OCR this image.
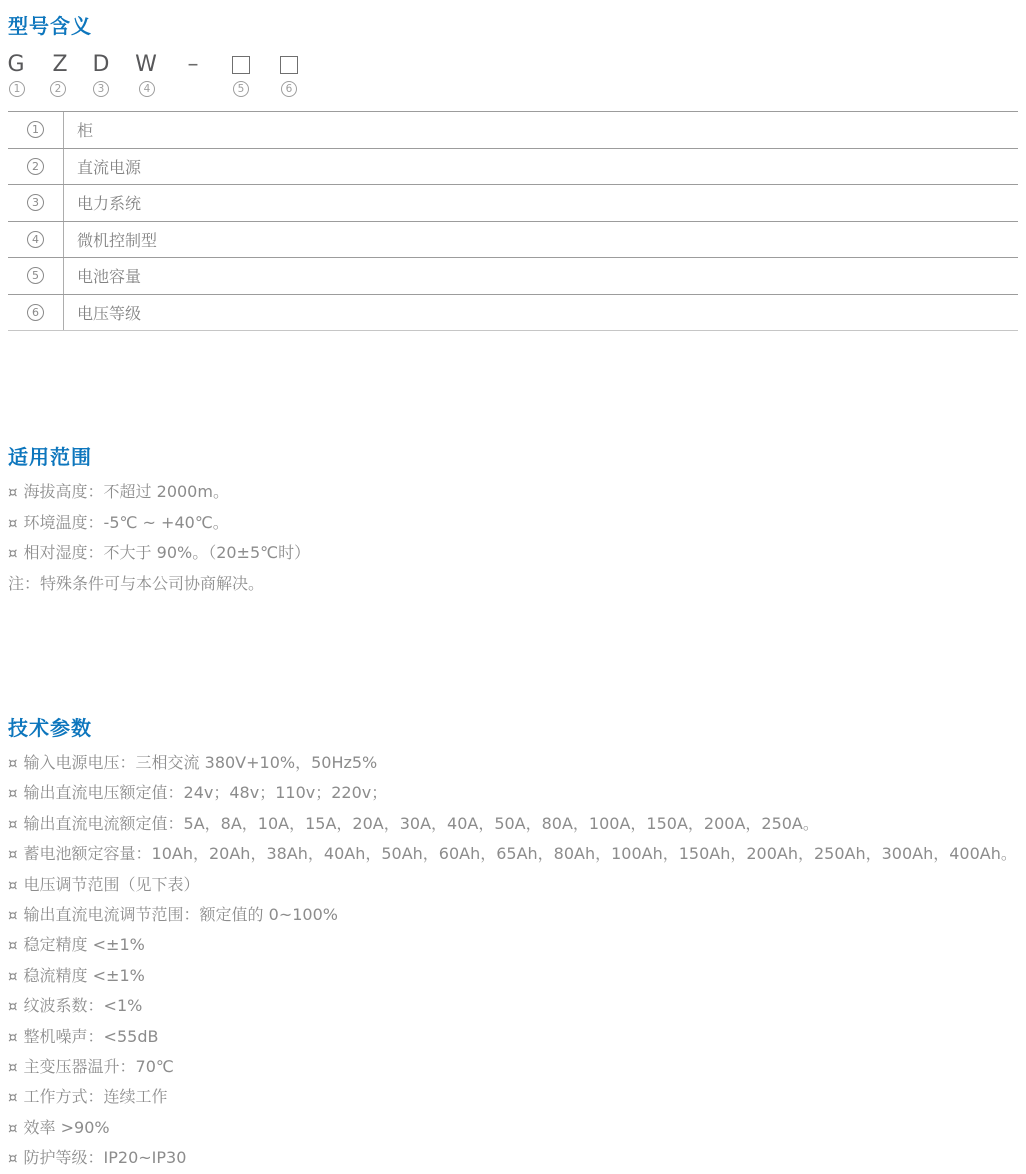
型号含义
G Z D W –
1	2	3	4	5	6
1	柜
2	直流电源
3	电力系统
4	微机控制型
5	电池容量
6	电压等级
适用范围
¤ 海拔高度：不超过 2000m。
¤ 环境温度：-5℃ ~ +40℃。
¤ 相对湿度：不大于 90%。（20±5℃时）
注：特殊条件可与本公司协商解决。
技术参数
¤ 输入电源电压：三相交流 380V+10%，50Hz5%
¤ 输出直流电压额定值：24v；48v；110v；220v；
¤ 输出直流电流额定值：5A，8A，10A，15A，20A，30A，40A，50A，80A，100A，150A，200A，250A。
¤ 蓄电池额定容量：10Ah，20Ah，38Ah，40Ah，50Ah，60Ah，65Ah，80Ah，100Ah，150Ah，200Ah，250Ah，300Ah，400Ah。
¤ 电压调节范围（见下表）
¤ 输出直流电流调节范围：额定值的 0~100%
¤ 稳定精度 <±1%
¤ 稳流精度 <±1%
¤ 纹波系数：<1%
¤ 整机噪声：<55dB
¤ 主变压器温升：70℃
¤ 工作方式：连续工作
¤ 效率 >90%
¤ 防护等级：IP20~IP30
